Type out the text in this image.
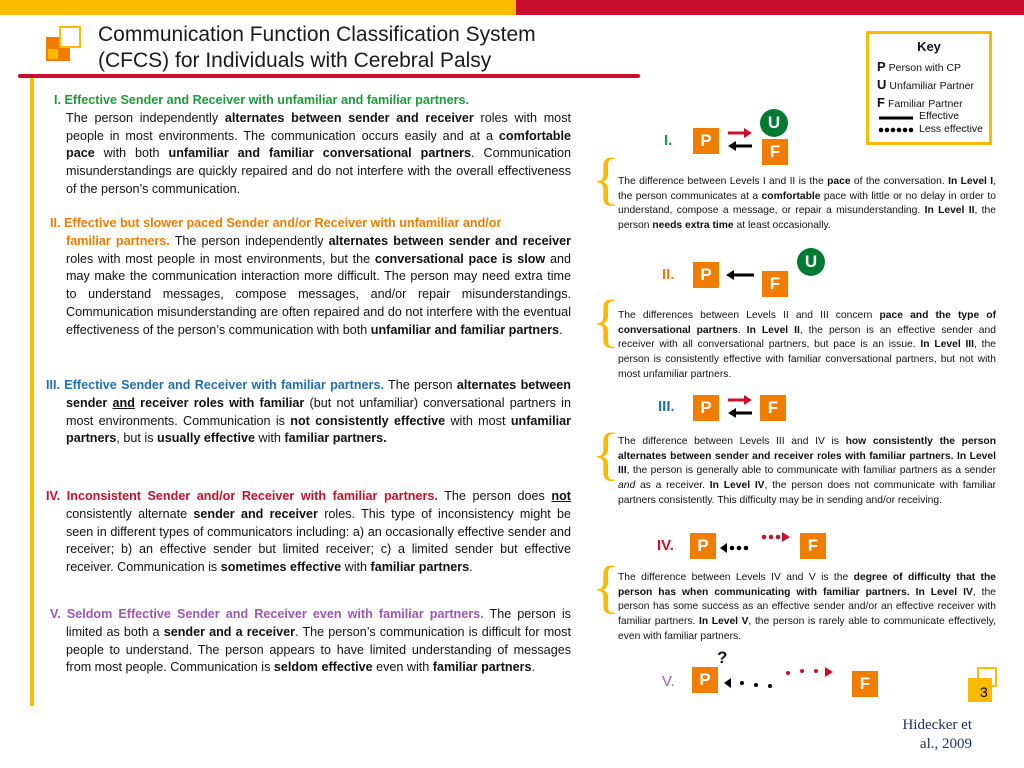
Communication Function Classification System
(CFCS) for Individuals with Cerebral Palsy
I. Effective Sender and Receiver with unfamiliar and familiar partners.
The person independently alternates between sender and receiver roles with most people in most environments. The communication occurs easily and at a comfortable pace with both unfamiliar and familiar conversational partners. Communication misunderstandings are quickly repaired and do not interfere with the overall effectiveness of the person’s communication.
II. Effective but slower paced Sender and/or Receiver with unfamiliar and/or
familiar partners. The person independently alternates between sender and receiver roles with most people in most environments, but the conversational pace is slow and may make the communication interaction more difficult. The person may need extra time to understand messages, compose messages, and/or repair misunderstandings. Communication misunderstanding are often repaired and do not interfere with the eventual effectiveness of the person’s communication with both unfamiliar and familiar partners.
III. Effective Sender and Receiver with familiar partners. The person alternates between sender and receiver roles with familiar (but not unfamiliar) conversational partners in most environments. Communication is not consistently effective with most unfamiliar partners, but is usually effective with familiar partners.
IV. Inconsistent Sender and/or Receiver with familiar partners. The person does not consistently alternate sender and receiver roles. This type of inconsistency might be seen in different types of communicators including: a) an occasionally effective sender and receiver; b) an effective sender but limited receiver; c) a limited sender but effective receiver. Communication is sometimes effective with familiar partners.
V. Seldom Effective Sender and Receiver even with familiar partners. The person is limited as both a sender and a receiver. The person’s communication is difficult for most people to understand. The person appears to have limited understanding of messages from most people. Communication is seldom effective even with familiar partners.
Key
P Person with CP
U Unfamiliar Partner
F Familiar Partner
Effective
Less effective
I.	P
U
F
{
The difference between Levels I and II is the pace of the conversation. In Level I, the person communicates at a comfortable pace with little or no delay in order to understand, compose a message, or repair a misunderstanding. In Level II, the person needs extra time at least occasionally.
II.	P
U
F
{
The differences between Levels II and III concern pace and the type of conversational partners. In Level II, the person is an effective sender and receiver with all conversational partners, but pace is an issue. In Level III, the person is consistently effective with familiar conversational partners, but not with most unfamiliar partners.
III.	P	F
{
The difference between Levels III and IV is how consistently the person alternates between sender and receiver roles with familiar partners. In Level III, the person is generally able to communicate with familiar partners as a sender and as a receiver. In Level IV, the person does not communicate with familiar partners consistently. This difficulty may be in sending and/or receiving.
IV.	P	F
{
The difference between Levels IV and V is the degree of difficulty that the person has when communicating with familiar partners. In Level IV, the person has some success as an effective sender and/or an effective receiver with familiar partners. In Level V, the person is rarely able to communicate effectively, even with familiar partners.
V.
?
P	F	3
Hidecker et
al., 2009
